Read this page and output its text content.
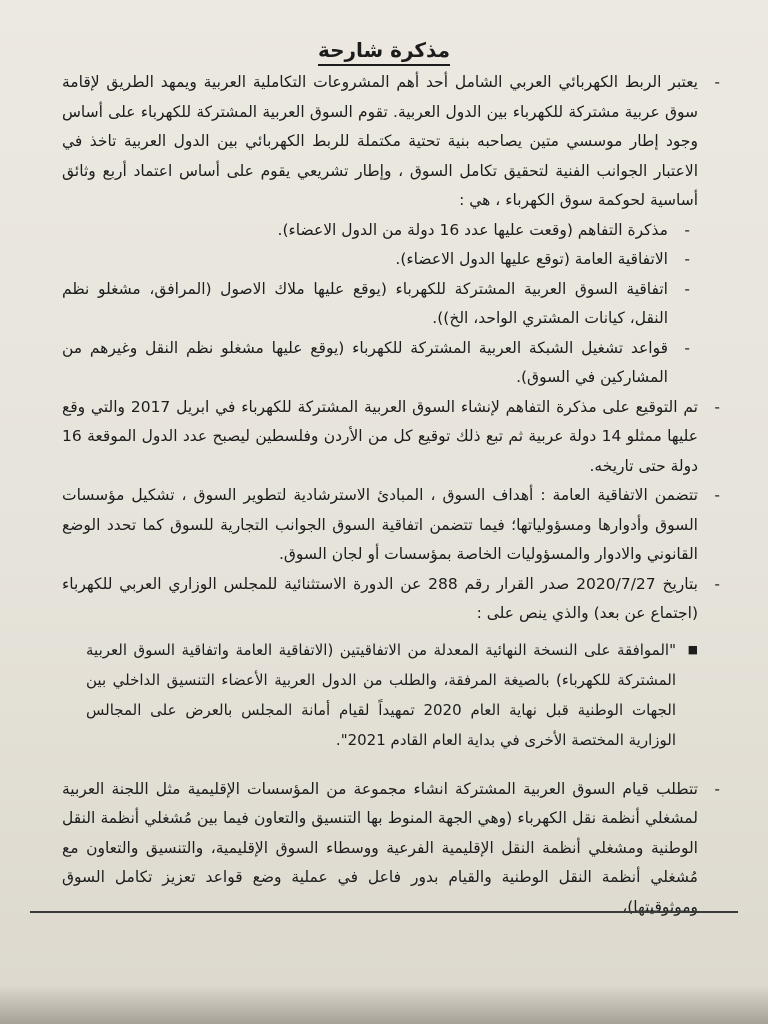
مذكرة شارحة
-
يعتبر الربط الكهربائي العربي الشامل أحد أهم المشروعات التكاملية العربية ويمهد الطريق لإقامة سوق عربية مشتركة للكهرباء بين الدول العربية. تقوم السوق العربية المشتركة للكهرباء على أساس وجود إطار موسسي متين يصاحبه بنية تحتية مكتملة للربط الكهربائي بين الدول العربية تاخذ في الاعتبار الجوانب الفنية لتحقيق تكامل السوق ، وإطار تشريعي يقوم على أساس اعتماد أربع وثائق أساسية لحوكمة سوق الكهرباء ، هي :
-
مذكرة التفاهم (وقعت عليها عدد 16 دولة من الدول الاعضاء).
-
الاتفاقية العامة (توقع عليها الدول الاعضاء).
-
اتفاقية السوق العربية المشتركة للكهرباء (يوقع عليها ملاك الاصول (المرافق، مشغلو نظم النقل، كيانات المشتري الواحد، الخ)).
-
قواعد تشغيل الشبكة العربية المشتركة للكهرباء (يوقع عليها مشغلو نظم النقل وغيرهم من المشاركين في السوق).
-
تم التوقيع على مذكرة التفاهم لإنشاء السوق العربية المشتركة للكهرباء في ابريل 2017 والتي وقع عليها ممثلو 14 دولة عربية ثم تبع ذلك توقيع كل من الأردن وفلسطين ليصبح عدد الدول الموقعة 16 دولة حتى تاريخه.
-
تتضمن الاتفاقية العامة : أهداف السوق ، المبادئ الاسترشادية لتطوير السوق ، تشكيل مؤسسات السوق وأدوارها ومسؤولياتها؛ فيما تتضمن اتفاقية السوق الجوانب التجارية للسوق كما تحدد الوضع القانوني والادوار والمسؤوليات الخاصة بمؤسسات أو لجان السوق.
-
بتاريخ 2020/7/27 صدر القرار رقم 288 عن الدورة الاستثنائية للمجلس الوزاري العربي للكهرباء (اجتماع عن بعد) والذي ينص على :
■
"الموافقة على النسخة النهائية المعدلة من الاتفاقيتين (الاتفاقية العامة واتفاقية السوق العربية المشتركة للكهرباء) بالصيغة المرفقة، والطلب من الدول العربية الأعضاء التنسيق الداخلي بين الجهات الوطنية قبل نهاية العام 2020 تمهيداً لقيام أمانة المجلس بالعرض على المجالس الوزارية المختصة الأخرى في بداية العام القادم 2021".
-
تتطلب قيام السوق العربية المشتركة انشاء مجموعة من المؤسسات الإقليمية مثل اللجنة العربية لمشغلي أنظمة نقل الكهرباء (وهي الجهة المنوط بها التنسيق والتعاون فيما بين مُشغلي أنظمة النقل الوطنية ومشغلي أنظمة النقل الإقليمية الفرعية ووسطاء السوق الإقليمية، والتنسيق والتعاون مع مُشغلي أنظمة النقل الوطنية والقيام بدور فاعل في عملية وضع قواعد تعزيز تكامل السوق وموثوقيتها)،
